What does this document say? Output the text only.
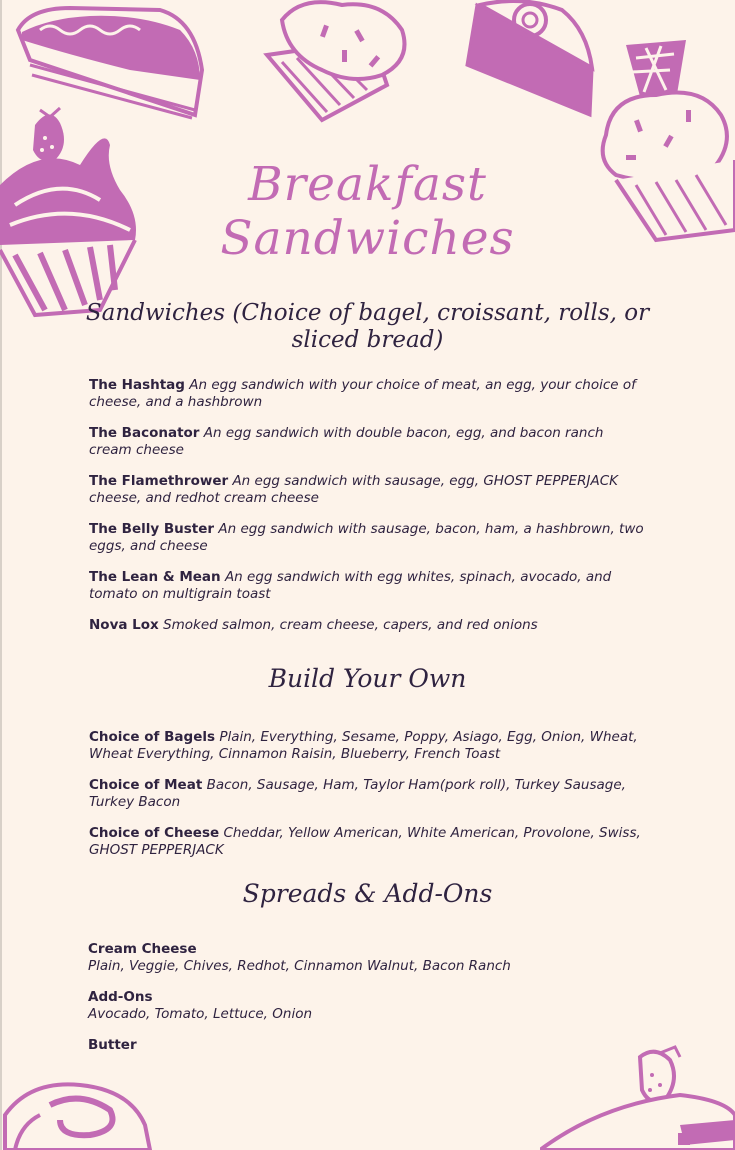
Breakfast
Sandwiches
Sandwiches (Choice of bagel, croissant, rolls, or sliced bread)
The Hashtag An egg sandwich with your choice of meat, an egg, your choice of cheese, and a hashbrown
The Baconator An egg sandwich with double bacon, egg, and bacon ranch cream cheese
The Flamethrower An egg sandwich with sausage, egg, GHOST PEPPERJACK cheese, and redhot cream cheese
The Belly Buster An egg sandwich with sausage, bacon, ham, a hashbrown, two eggs, and cheese
The Lean & Mean An egg sandwich with egg whites, spinach, avocado, and tomato on multigrain toast
Nova Lox Smoked salmon, cream cheese, capers, and red onions
Build Your Own
Choice of Bagels Plain, Everything, Sesame, Poppy, Asiago, Egg, Onion, Wheat, Wheat Everything, Cinnamon Raisin, Blueberry, French Toast
Choice of Meat Bacon, Sausage, Ham, Taylor Ham(pork roll), Turkey Sausage, Turkey Bacon
Choice of Cheese Cheddar, Yellow American, White American, Provolone, Swiss, GHOST PEPPERJACK
Spreads & Add-Ons
Cream Cheese
Plain, Veggie, Chives, Redhot, Cinnamon Walnut, Bacon Ranch
Add-Ons
Avocado, Tomato, Lettuce, Onion
Butter
